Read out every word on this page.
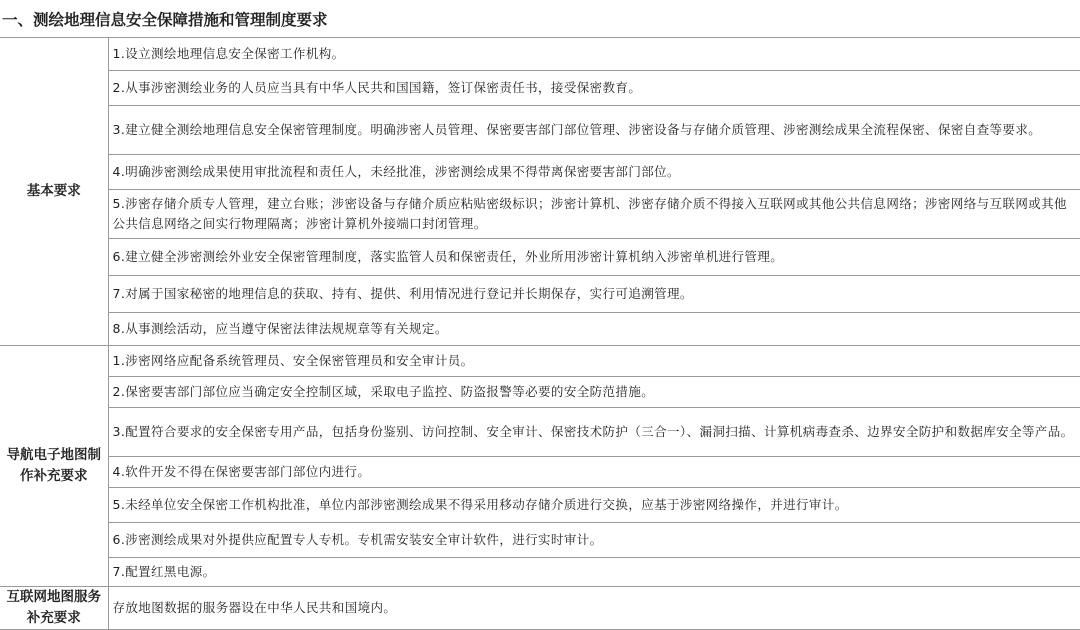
一、测绘地理信息安全保障措施和管理制度要求	
基本要求	1.设立测绘地理信息安全保密工作机构。
	2.从事涉密测绘业务的人员应当具有中华人民共和国国籍，签订保密责任书，接受保密教育。
	3.建立健全测绘地理信息安全保密管理制度。明确涉密人员管理、保密要害部门部位管理、涉密设备与存储介质管理、涉密测绘成果全流程保密、保密自查等要求。
	4.明确涉密测绘成果使用审批流程和责任人，未经批准，涉密测绘成果不得带离保密要害部门部位。
	5.涉密存储介质专人管理，建立台账；涉密设备与存储介质应粘贴密级标识；涉密计算机、涉密存储介质不得接入互联网或其他公共信息网络；涉密网络与互联网或其他公共信息网络之间实行物理隔离；涉密计算机外接端口封闭管理。
	6.建立健全涉密测绘外业安全保密管理制度，落实监管人员和保密责任，外业所用涉密计算机纳入涉密单机进行管理。
	7.对属于国家秘密的地理信息的获取、持有、提供、利用情况进行登记并长期保存，实行可追溯管理。
	8.从事测绘活动，应当遵守保密法律法规规章等有关规定。
导航电子地图制作补充要求	1.涉密网络应配备系统管理员、安全保密管理员和安全审计员。
	2.保密要害部门部位应当确定安全控制区域，采取电子监控、防盗报警等必要的安全防范措施。
	3.配置符合要求的安全保密专用产品，包括身份鉴别、访问控制、安全审计、保密技术防护（三合一）、漏洞扫描、计算机病毒查杀、边界安全防护和数据库安全等产品。
	4.软件开发不得在保密要害部门部位内进行。
	5.未经单位安全保密工作机构批准，单位内部涉密测绘成果不得采用移动存储介质进行交换，应基于涉密网络操作，并进行审计。
	6.涉密测绘成果对外提供应配置专人专机。专机需安装安全审计软件，进行实时审计。
	7.配置红黑电源。
互联网地图服务补充要求	存放地图数据的服务器设在中华人民共和国境内。
